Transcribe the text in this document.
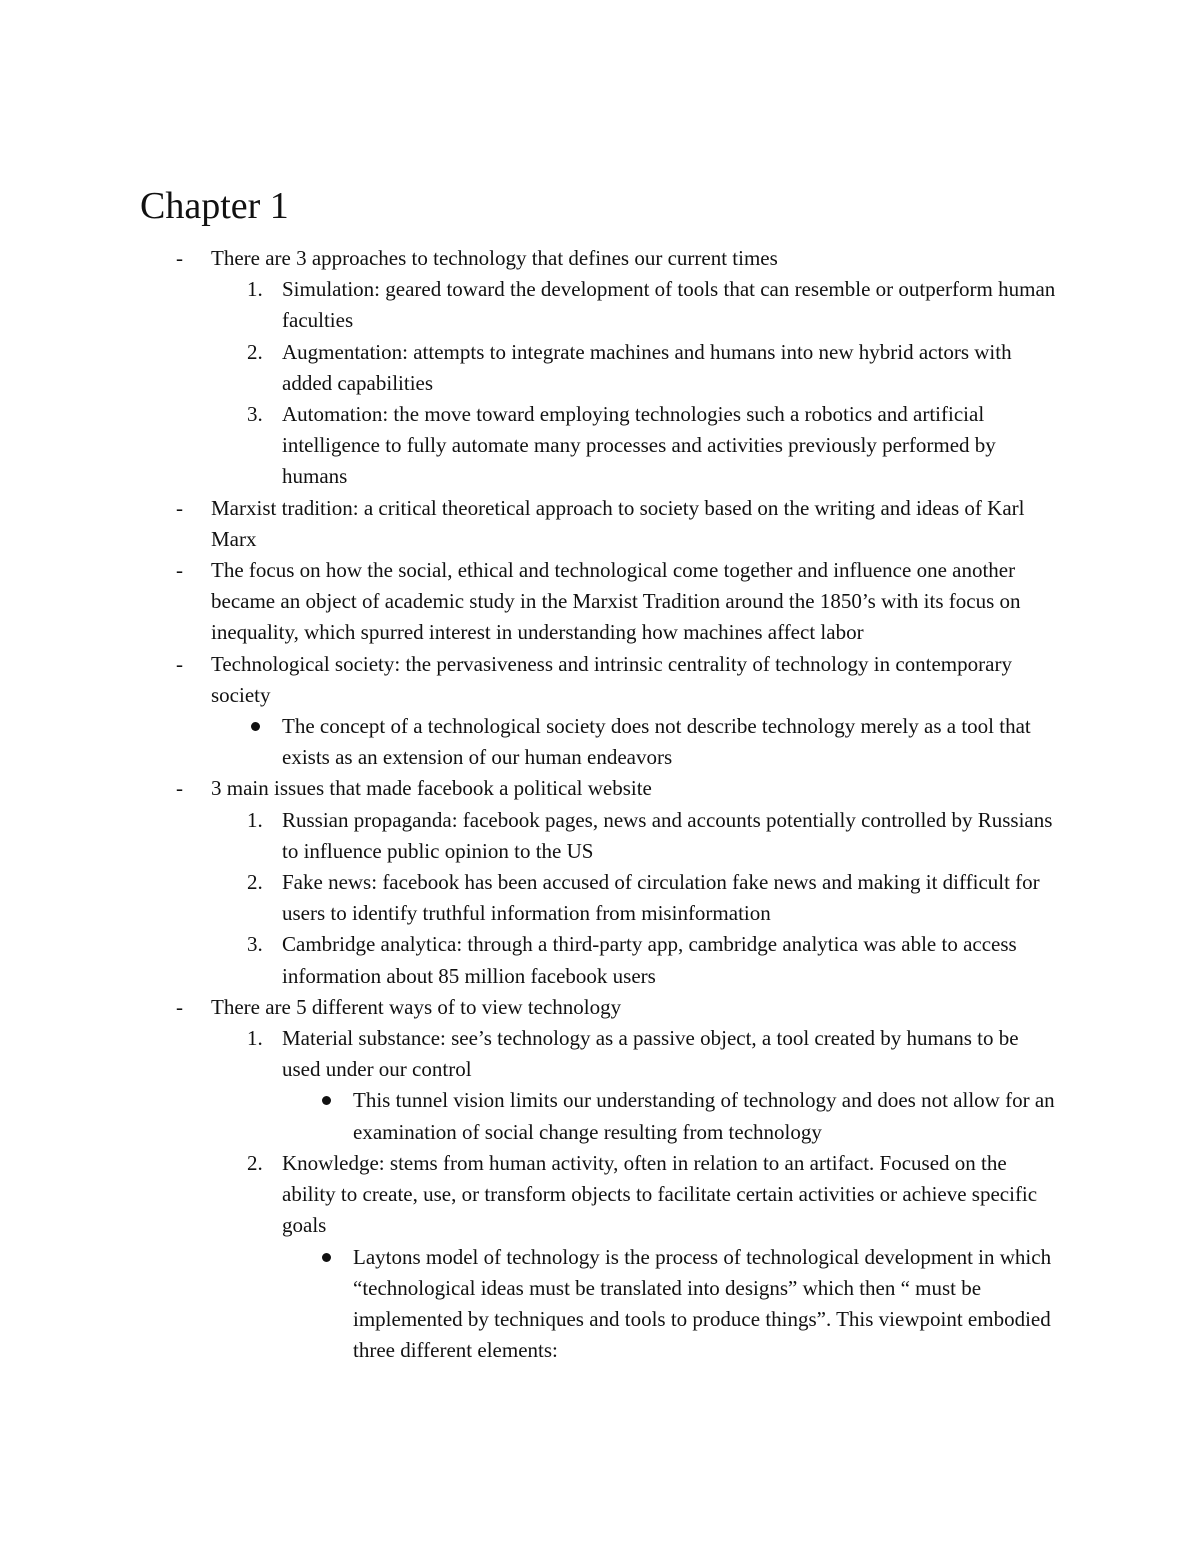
Chapter 1
- There are 3 approaches to technology that defines our current times
1. Simulation: geared toward the development of tools that can resemble or outperform human faculties
2. Augmentation: attempts to integrate machines and humans into new hybrid actors with added capabilities
3. Automation: the move toward employing technologies such a robotics and artificial intelligence to fully automate many processes and activities previously performed by humans
- Marxist tradition: a critical theoretical approach to society based on the writing and ideas of Karl Marx
- The focus on how the social, ethical and technological come together and influence one another became an object of academic study in the Marxist Tradition around the 1850’s with its focus on inequality, which spurred interest in understanding how machines affect labor
- Technological society: the pervasiveness and intrinsic centrality of technology in contemporary society
The concept of a technological society does not describe technology merely as a tool that exists as an extension of our human endeavors
- 3 main issues that made facebook a political website
1. Russian propaganda: facebook pages, news and accounts potentially controlled by Russians to influence public opinion to the US
2. Fake news: facebook has been accused of circulation fake news and making it difficult for users to identify truthful information from misinformation
3. Cambridge analytica: through a third-party app, cambridge analytica was able to access information about 85 million facebook users
- There are 5 different ways of to view technology
1. Material substance: see’s technology as a passive object, a tool created by humans to be used under our control
This tunnel vision limits our understanding of technology and does not allow for an examination of social change resulting from technology
2. Knowledge: stems from human activity, often in relation to an artifact. Focused on the ability to create, use, or transform objects to facilitate certain activities or achieve specific goals
Laytons model of technology is the process of technological development in which “technological ideas must be translated into designs” which then “ must be implemented by techniques and tools to produce things”. This viewpoint embodied three different elements:
